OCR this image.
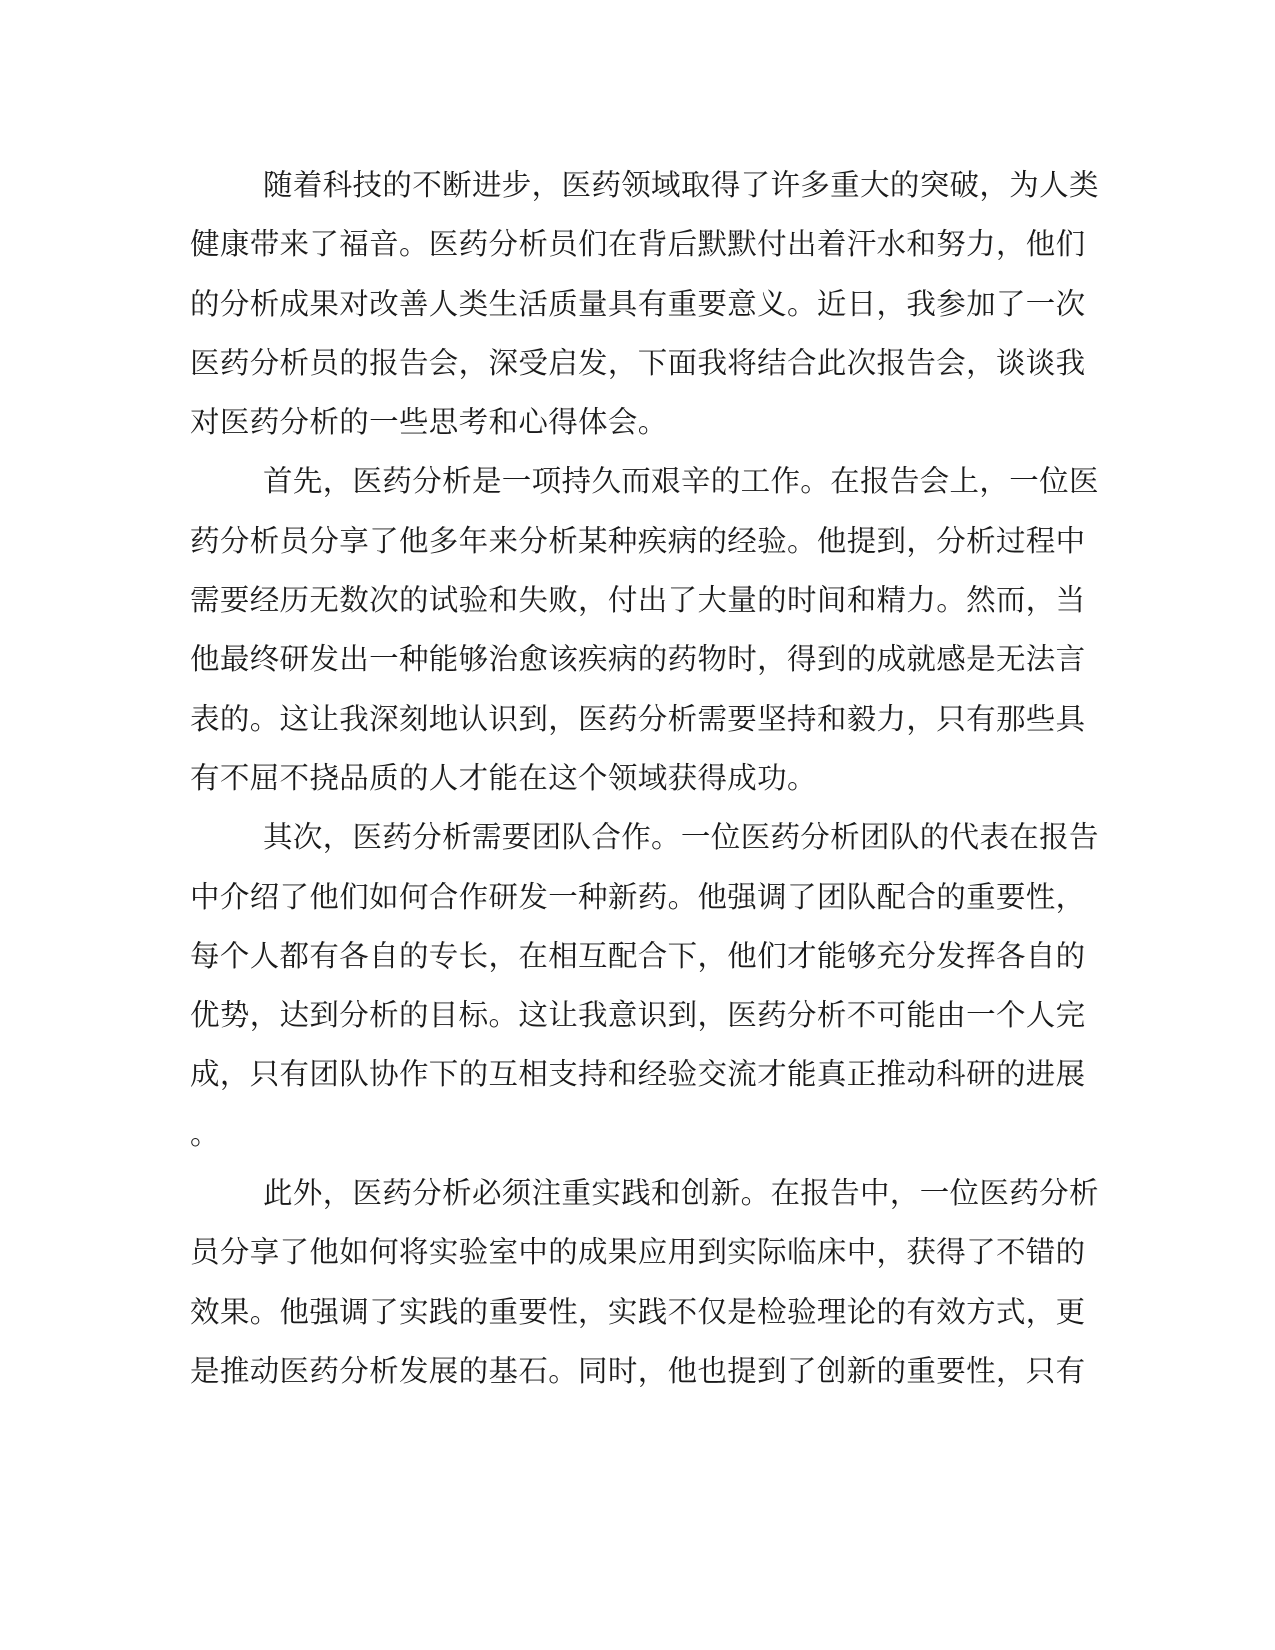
随着科技的不断进步，医药领域取得了许多重大的突破，为人类
健康带来了福音。医药分析员们在背后默默付出着汗水和努力，他们
的分析成果对改善人类生活质量具有重要意义。近日，我参加了一次
医药分析员的报告会，深受启发，下面我将结合此次报告会，谈谈我
对医药分析的一些思考和心得体会。
首先，医药分析是一项持久而艰辛的工作。在报告会上，一位医
药分析员分享了他多年来分析某种疾病的经验。他提到，分析过程中
需要经历无数次的试验和失败，付出了大量的时间和精力。然而，当
他最终研发出一种能够治愈该疾病的药物时，得到的成就感是无法言
表的。这让我深刻地认识到，医药分析需要坚持和毅力，只有那些具
有不屈不挠品质的人才能在这个领域获得成功。
其次，医药分析需要团队合作。一位医药分析团队的代表在报告
中介绍了他们如何合作研发一种新药。他强调了团队配合的重要性，
每个人都有各自的专长，在相互配合下，他们才能够充分发挥各自的
优势，达到分析的目标。这让我意识到，医药分析不可能由一个人完
成，只有团队协作下的互相支持和经验交流才能真正推动科研的进展
。
此外，医药分析必须注重实践和创新。在报告中，一位医药分析
员分享了他如何将实验室中的成果应用到实际临床中，获得了不错的
效果。他强调了实践的重要性，实践不仅是检验理论的有效方式，更
是推动医药分析发展的基石。同时，他也提到了创新的重要性，只有
